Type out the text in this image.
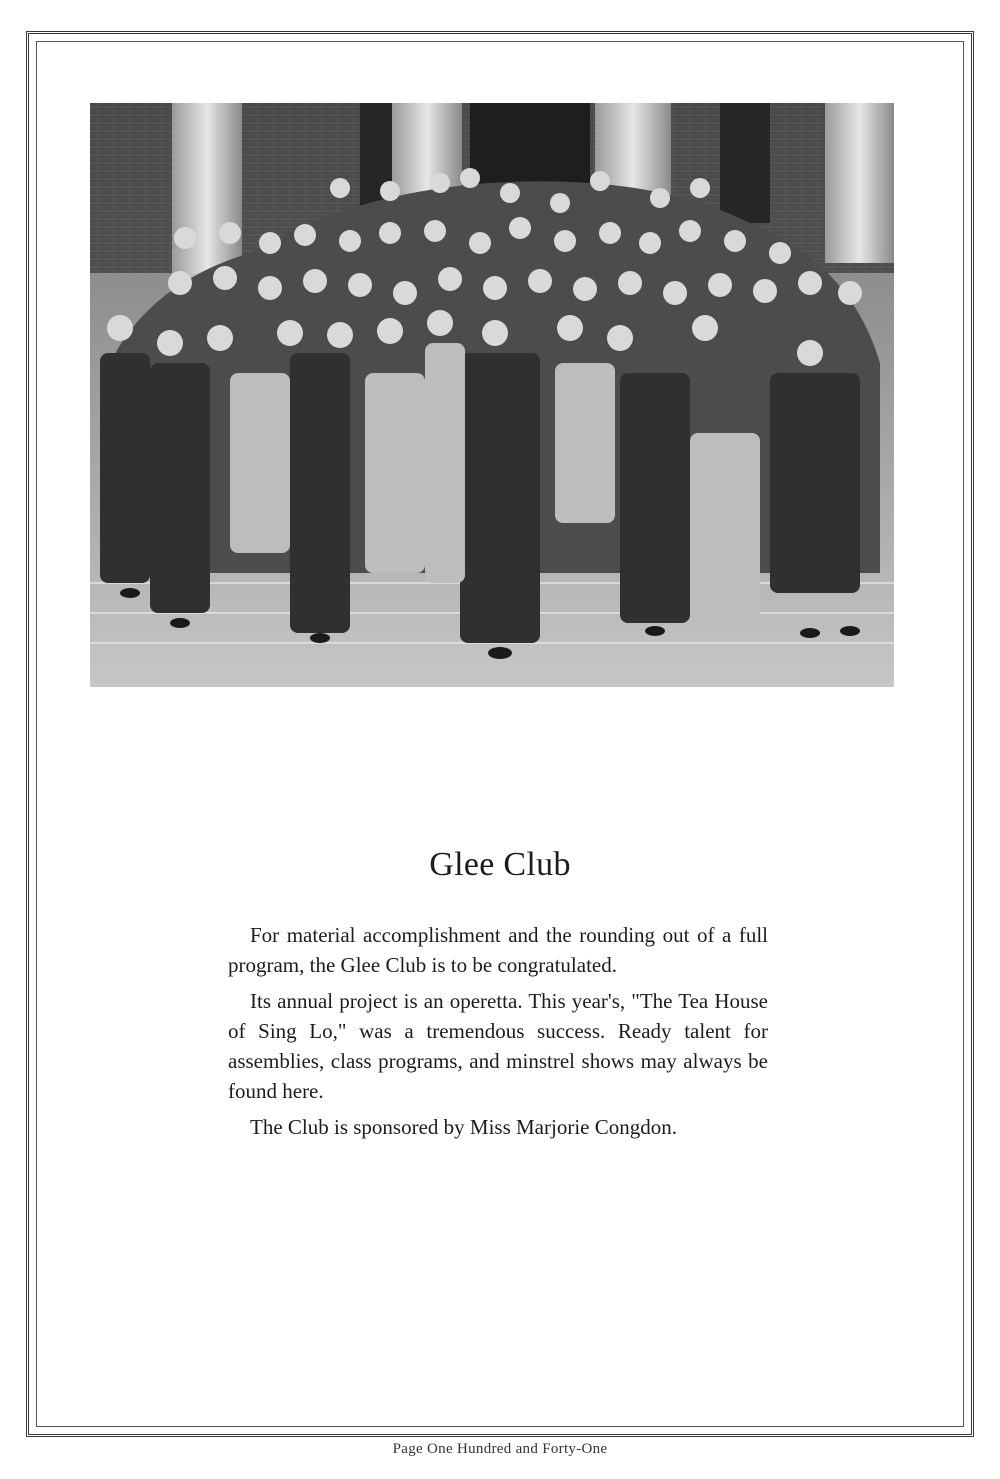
Glee Club

For material accomplishment and the rounding out of a full program, the Glee Club is to be congratulated.

Its annual project is an operetta. This year's, "The Tea House of Sing Lo," was a tremendous success. Ready talent for assemblies, class programs, and minstrel shows may always be found here.

The Club is sponsored by Miss Marjorie Congdon.

Page One Hundred and Forty-One
